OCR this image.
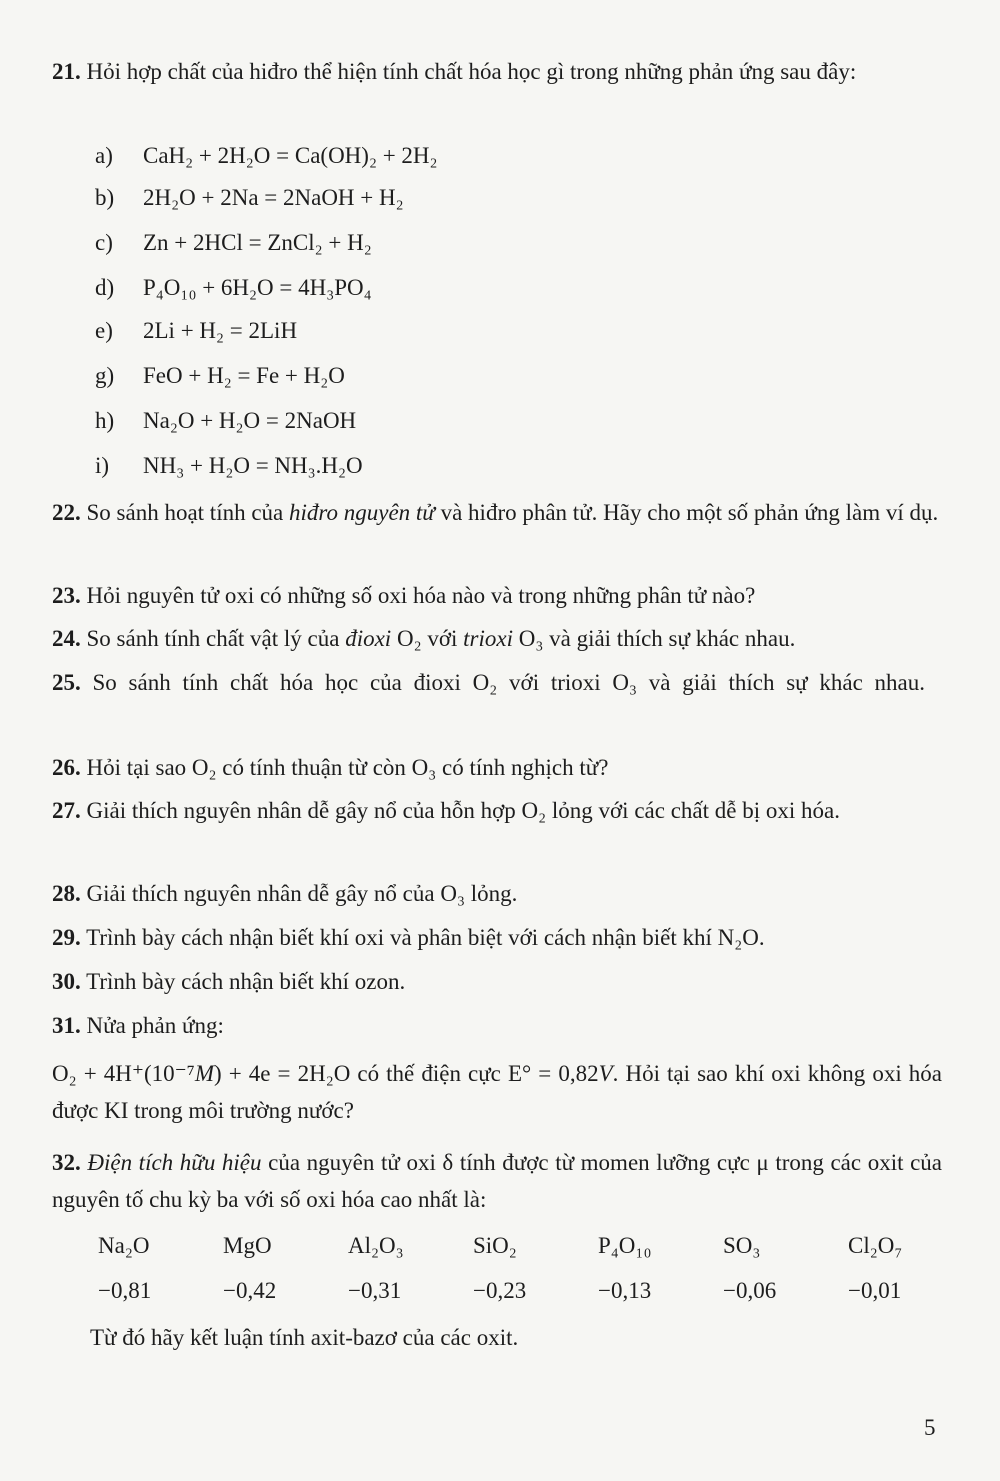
21. Hỏi hợp chất của hiđro thể hiện tính chất hóa học gì trong những phản ứng sau đây:
a) CaH₂ + 2H₂O = Ca(OH)₂ + 2H₂
b) 2H₂O + 2Na = 2NaOH + H₂
c) Zn + 2HCl = ZnCl₂ + H₂
d) P₄O₁₀ + 6H₂O = 4H₃PO₄
e) 2Li + H₂ = 2LiH
g) FeO + H₂ = Fe + H₂O
h) Na₂O + H₂O = 2NaOH
i) NH₃ + H₂O = NH₃.H₂O
22. So sánh hoạt tính của hiđro nguyên tử và hiđro phân tử. Hãy cho một số phản ứng làm ví dụ.
23. Hỏi nguyên tử oxi có những số oxi hóa nào và trong những phân tử nào?
24. So sánh tính chất vật lý của đioxi O₂ với trioxi O₃ và giải thích sự khác nhau.
25. So sánh tính chất hóa học của đioxi O₂ với trioxi O₃ và giải thích sự khác nhau.
26. Hỏi tại sao O₂ có tính thuận từ còn O₃ có tính nghịch từ?
27. Giải thích nguyên nhân dễ gây nổ của hỗn hợp O₂ lỏng với các chất dễ bị oxi hóa.
28. Giải thích nguyên nhân dễ gây nổ của O₃ lỏng.
29. Trình bày cách nhận biết khí oxi và phân biệt với cách nhận biết khí N₂O.
30. Trình bày cách nhận biết khí ozon.
31. Nửa phản ứng:
O₂ + 4H⁺(10⁻⁷M) + 4e = 2H₂O có thế điện cực E° = 0,82V. Hỏi tại sao khí oxi không oxi hóa được KI trong môi trường nước?
32. Điện tích hữu hiệu của nguyên tử oxi δ tính được từ momen lưỡng cực μ trong các oxit của nguyên tố chu kỳ ba với số oxi hóa cao nhất là:
Na₂O	MgO	Al₂O₃	SiO₂	P₄O₁₀	SO₃	Cl₂O₇
−0,81	−0,42	−0,31	−0,23	−0,13	−0,06	−0,01
Từ đó hãy kết luận tính axit-bazơ của các oxit.
5
